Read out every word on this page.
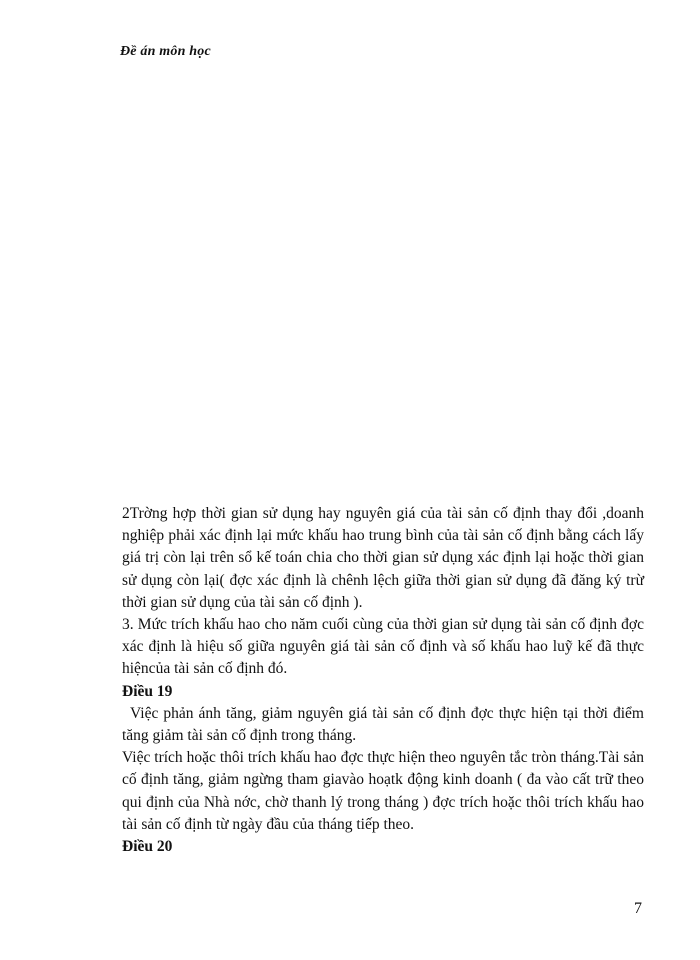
Đề án môn học

2Trờng hợp thời gian sử dụng hay nguyên giá của tài sản cố định thay đổi ,doanh nghiệp phải xác định lại mức khấu hao trung bình của tài sản cố định bằng cách lấy giá trị còn lại trên sổ kế toán chia cho thời gian sử dụng xác định lại hoặc thời gian sử dụng còn lại( đợc xác định là chênh lệch giữa thời gian sử dụng đã đăng ký trừ thời gian sử dụng của tài sản cố định ).

3. Mức trích khấu hao cho năm cuối cùng của thời gian sử dụng tài sản cố định đợc xác định là hiệu số giữa nguyên giá tài sản cố định và số khấu hao luỹ kế đã thực hiệncủa tài sản cố định đó.

Điều 19

Việc phản ánh tăng, giảm nguyên giá tài sản cố định đợc thực hiện tại thời điểm tăng giảm tài sản cố định trong tháng.

Việc trích hoặc thôi trích khấu hao đợc thực hiện theo nguyên tắc tròn tháng.Tài sản cố định tăng, giảm ngừng tham giavào hoạtk động kinh doanh ( đa vào cất trữ theo qui định của Nhà nớc, chờ thanh lý trong tháng ) đợc trích hoặc thôi trích khấu hao tài sản cố định từ ngày đầu của tháng tiếp theo.

Điều 20

7
